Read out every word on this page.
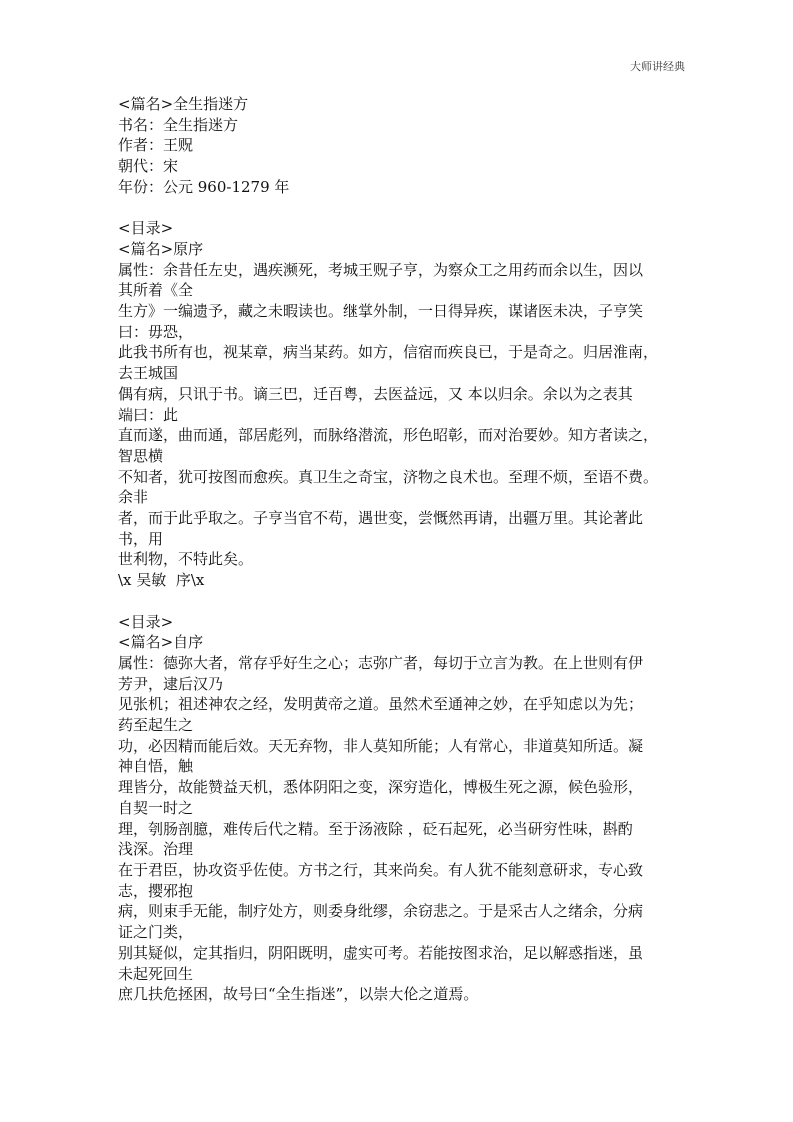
大师讲经典
<篇名>全生指迷方
书名：全生指迷方
作者：王贶
朝代：宋
年份：公元 960-1279 年
<目录>
<篇名>原序
属性：余昔任左史，遇疾濒死，考城王贶子亨，为察众工之用药而余以生，因以
其所着《全
生方》一编遗予，藏之未暇读也。继掌外制，一日得异疾，谋诸医未决，子亨笑
曰：毋恐，
此我书所有也，视某章，病当某药。如方，信宿而疾良已，于是奇之。归居淮南，
去王城国
偶有病，只讯于书。谪三巴，迁百粤，去医益远，又 本以归余。余以为之表其
端曰：此
直而遂，曲而通，部居彪列，而脉络潜流，形色昭彰，而对治要妙。知方者读之，
智思横
不知者，犹可按图而愈疾。真卫生之奇宝，济物之良术也。至理不烦，至语不费。
余非
者，而于此乎取之。子亨当官不苟，遇世变，尝慨然再请，出疆万里。其论著此
书，用
世利物，不特此矣。
\x 吴敏  序\x
<目录>
<篇名>自序
属性：德弥大者，常存乎好生之心；志弥广者，每切于立言为教。在上世则有伊
芳尹，逮后汉乃
见张机；祖述神农之经，发明黄帝之道。虽然术至通神之妙，在乎知虑以为先；
药至起生之
功，必因精而能后效。天无弃物，非人莫知所能；人有常心，非道莫知所适。凝
神自悟，触
理皆分，故能赞益天机，悉体阴阳之变，深穷造化，博极生死之源，候色验形，
自契一时之
理，刳肠剖臆，难传后代之精。至于汤液除 ，砭石起死，必当研穷性味，斟酌
浅深。治理
在于君臣，协攻资乎佐使。方书之行，其来尚矣。有人犹不能刻意研求，专心致
志，撄邪抱
病，则束手无能，制疗处方，则委身纰缪，余窃悲之。于是采古人之绪余，分病
证之门类，
别其疑似，定其指归，阴阳既明，虚实可考。若能按图求治，足以解惑指迷，虽
未起死回生
庶几扶危拯困，故号曰“全生指迷”，以崇大伦之道焉。
